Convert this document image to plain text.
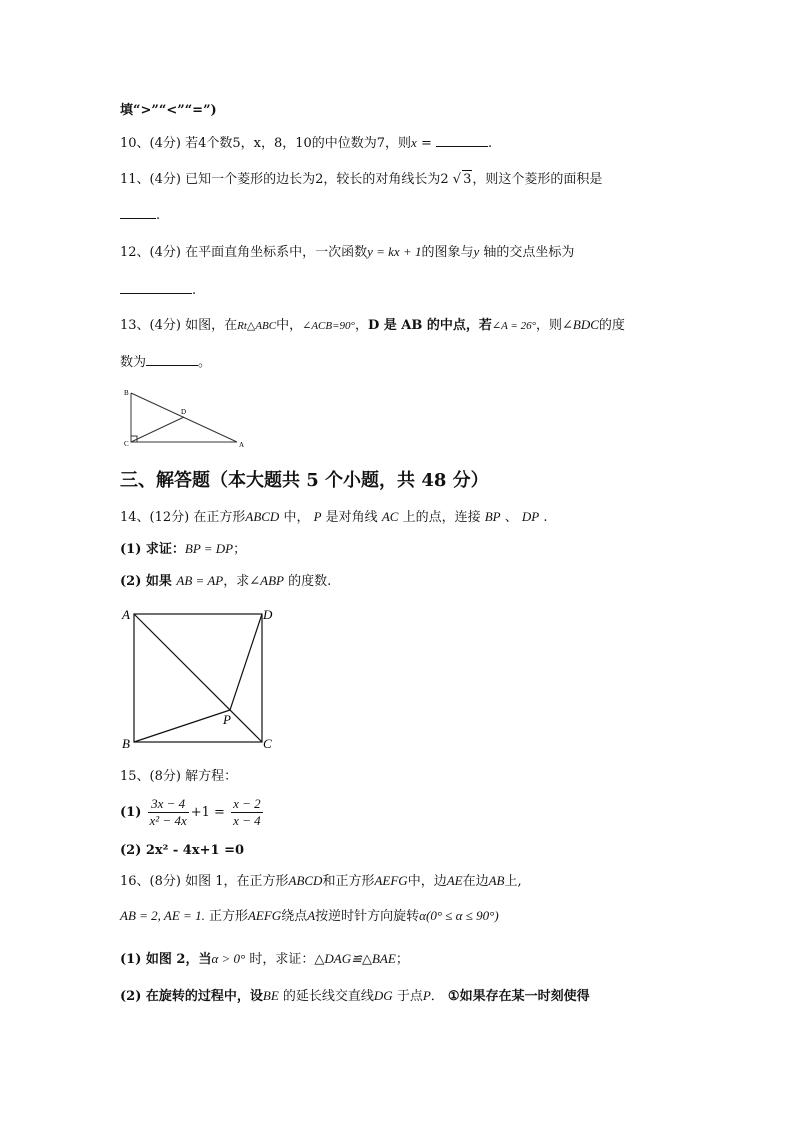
填“>”“<”“=”)
10、(4分) 若4个数5，x，8，10的中位数为7，则x =	.
11、(4分) 已知一个菱形的边长为2，较长的对角线长为2 √ 3，则这个菱形的面积是
.
12、(4分) 在平面直角坐标系中，一次函数y = kx + 1的图象与y 轴的交点坐标为
.
13、(4分) 如图，在Rt△ABC中，∠ACB=90°，D 是 AB 的中点，若∠A = 26°，则∠BDC的度
数为	。
B
D
C	A
三、解答题（本大题共 5 个小题，共 48 分）
14、(12分) 在正方形ABCD 中， P 是对角线 AC 上的点，连接 BP 、 DP .
(1) 求证：BP = DP；
(2) 如果 AB = AP，求∠ABP 的度数.
A	D
B	C
P
15、(8分) 解方程：
$(1) \frac{3x - 4}{\text{x² − 4x}} +1 = \frac{x - 2}{x - 4}$
(2) 2x² - 4x+1 =0
16、(8分) 如图 1，在正方形ABCD和正方形AEFG中，边AE在边AB上,
AB = 2, AE = 1. 正方形AEFG绕点A按逆时针方向旋转α(0° ≤ α ≤ 90°)
(1) 如图 2，当α > 0° 时，求证：△DAG≌△BAE；
(2) 在旋转的过程中，设BE 的延长线交直线DG 于点P． ①如果存在某一时刻使得
